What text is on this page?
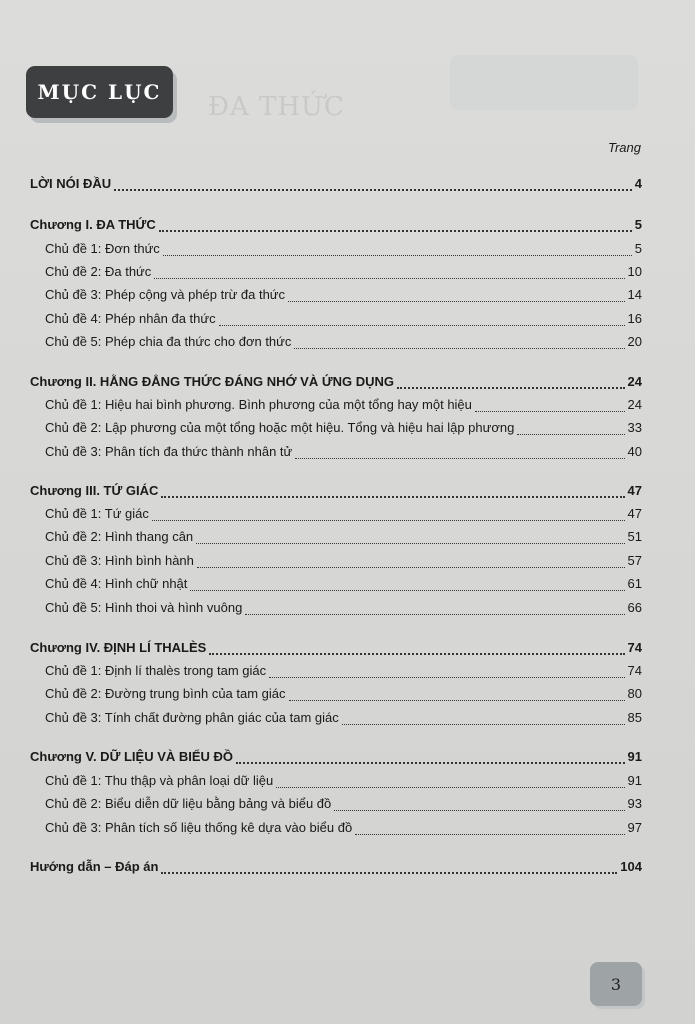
ĐA THỨC
MỤC LỤC
Trang
LỜI NÓI ĐẦU	4
Chương I. ĐA THỨC	5
Chủ đề 1: Đơn thức	5
Chủ đề 2: Đa thức	10
Chủ đề 3: Phép cộng và phép trừ đa thức	14
Chủ đề 4: Phép nhân đa thức	16
Chủ đề 5: Phép chia đa thức cho đơn thức	20
Chương II. HẰNG ĐẲNG THỨC ĐÁNG NHỚ VÀ ỨNG DỤNG	24
Chủ đề 1: Hiệu hai bình phương. Bình phương của một tổng hay một hiệu	24
Chủ đề 2: Lập phương của một tổng hoặc một hiệu. Tổng và hiệu hai lập phương	33
Chủ đề 3: Phân tích đa thức thành nhân tử	40
Chương III. TỨ GIÁC	47
Chủ đề 1: Tứ giác	47
Chủ đề 2: Hình thang cân	51
Chủ đề 3: Hình bình hành	57
Chủ đề 4: Hình chữ nhật	61
Chủ đề 5: Hình thoi và hình vuông	66
Chương IV. ĐỊNH LÍ THALÈS	74
Chủ đề 1: Định lí thalès trong tam giác	74
Chủ đề 2: Đường trung bình của tam giác	80
Chủ đề 3: Tính chất đường phân giác của tam giác	85
Chương V. DỮ LIỆU VÀ BIỂU ĐỒ	91
Chủ đề 1: Thu thập và phân loại dữ liệu	91
Chủ đề 2: Biểu diễn dữ liệu bằng bảng và biểu đồ	93
Chủ đề 3: Phân tích số liệu thống kê dựa vào biểu đồ	97
Hướng dẫn – Đáp án	104
3
